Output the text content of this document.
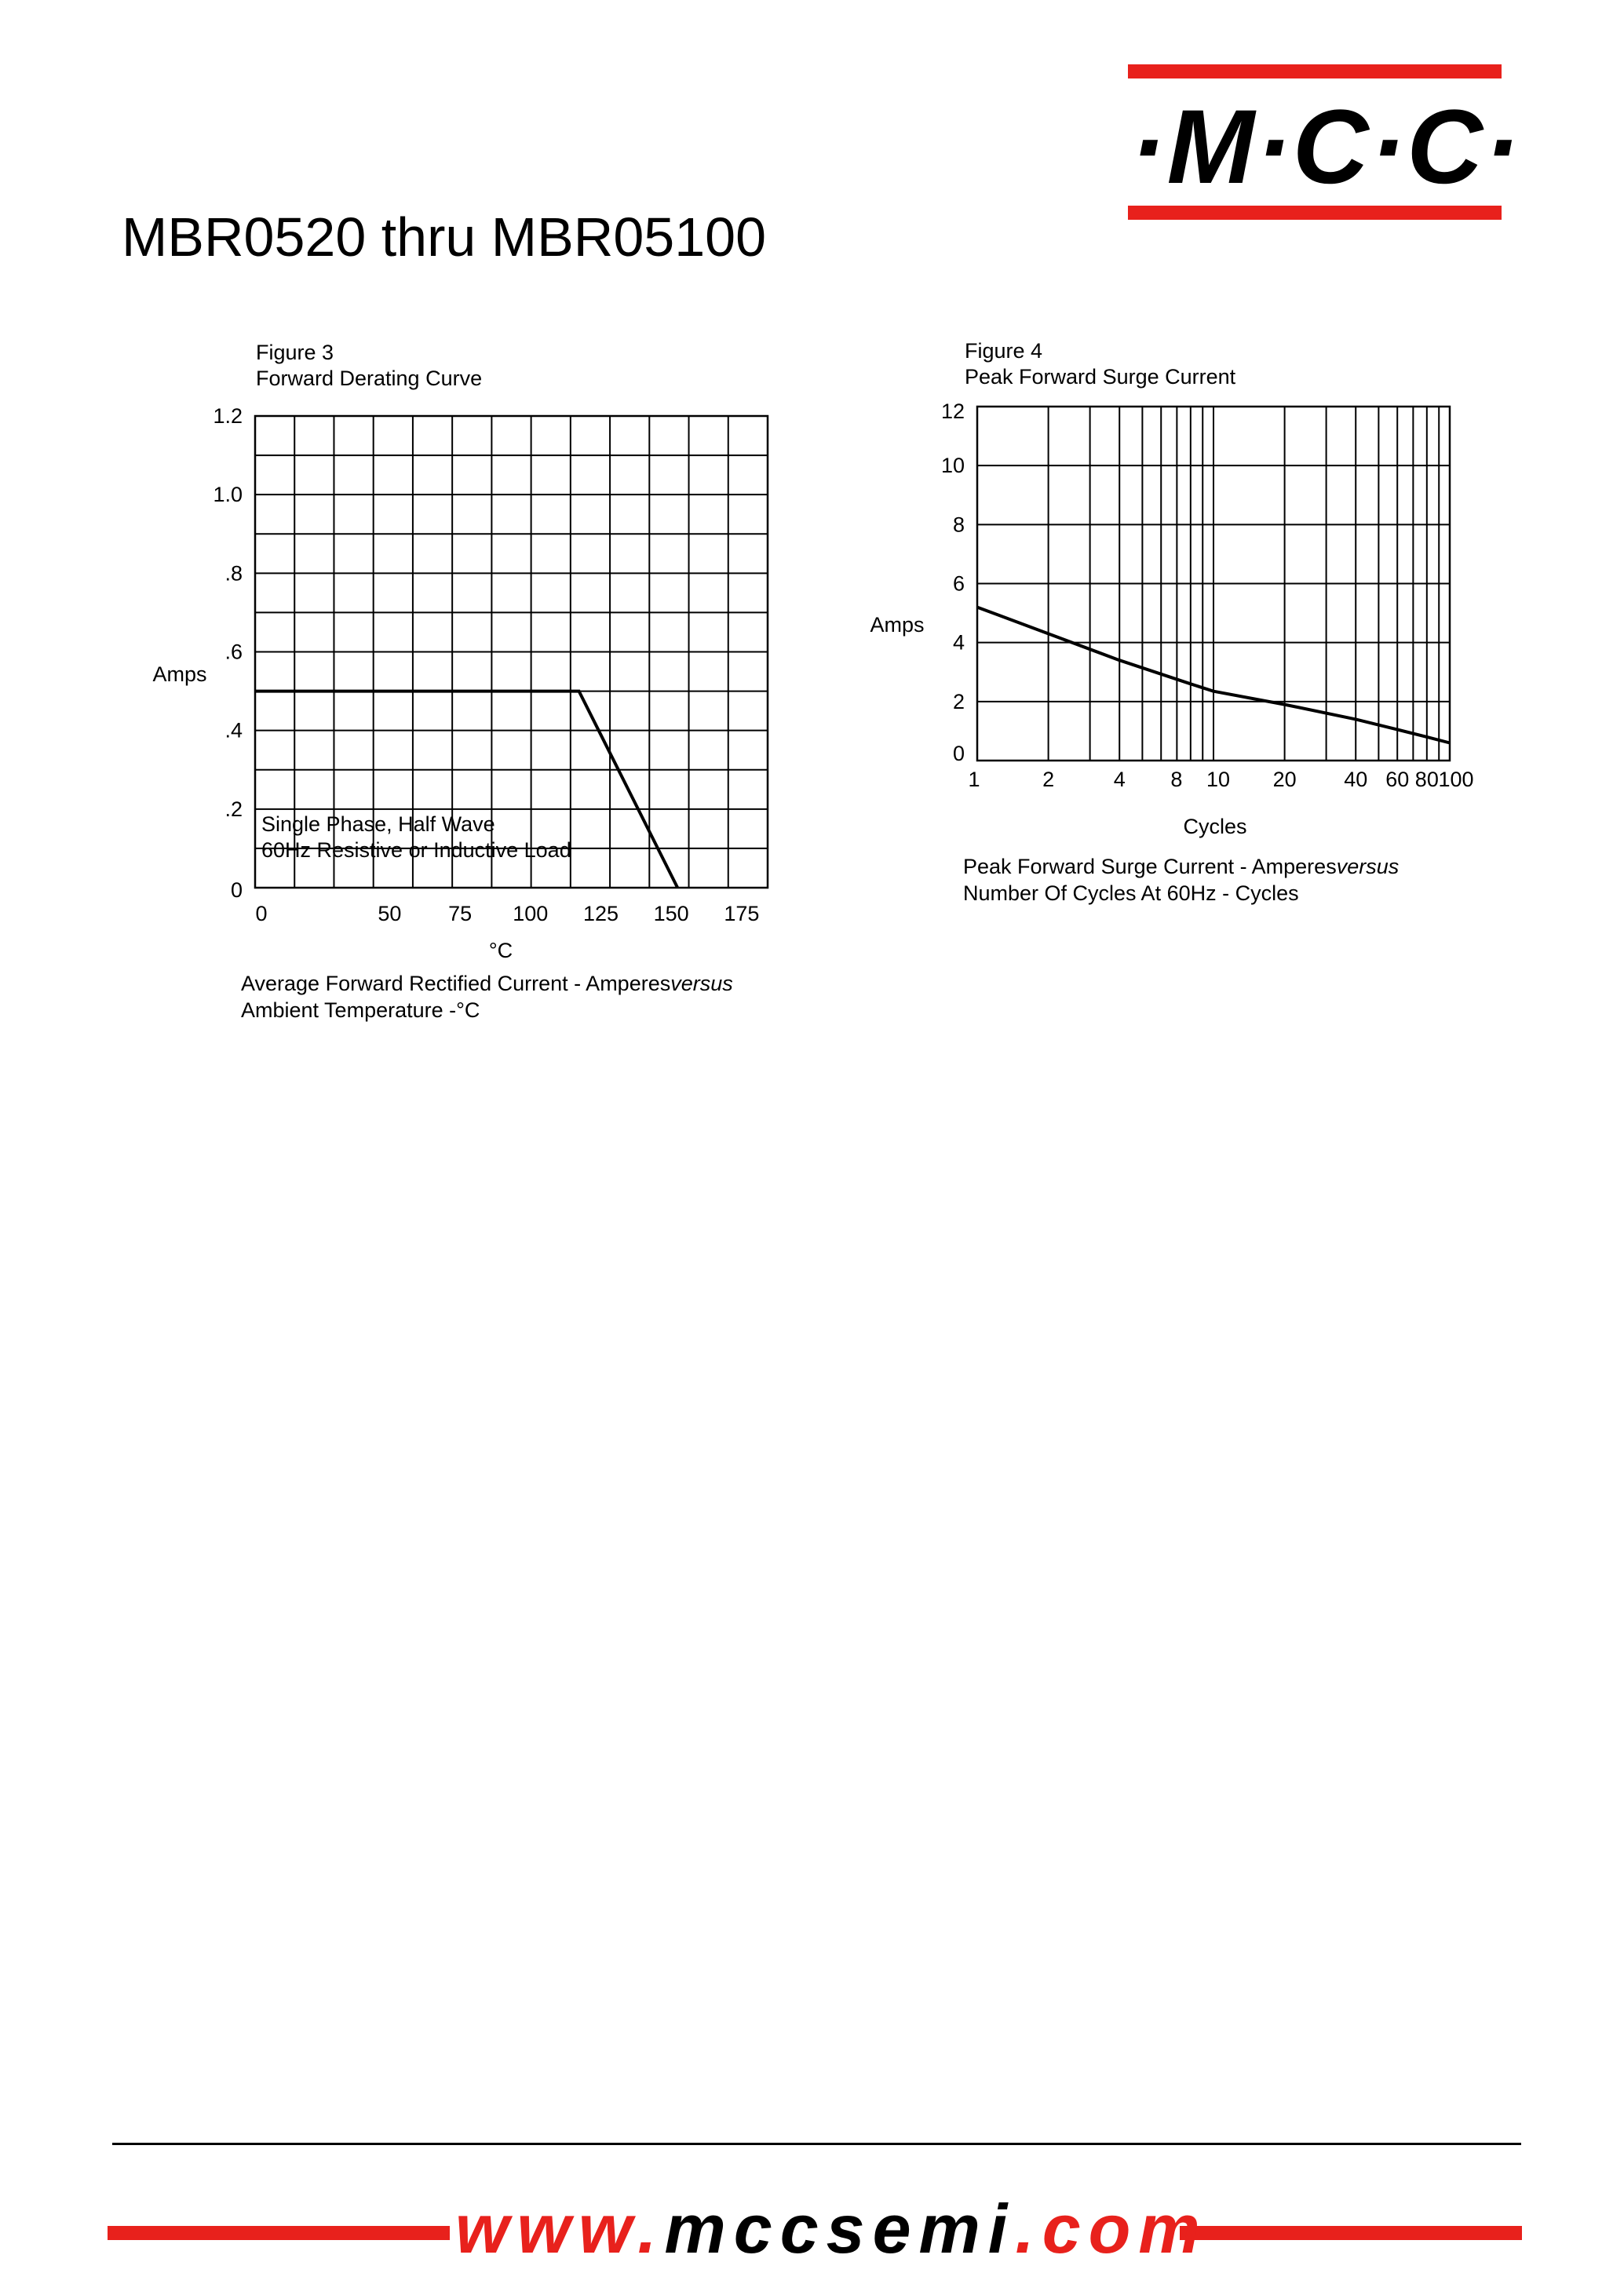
·M·C·C·
MBR0520 thru MBR05100
Figure 3
Forward Derating Curve
Figure 4
Peak Forward Surge Current
0	50 75 100 125 150 175
0
.2
.4
.6
.8
1.0
1.2
Amps
°C
Single Phase, Half Wave
60Hz Resistive or Inductive Load
1	2	4 8 10 20 40 60 80 100
0
2
4
6
8
10
12
Amps
Cycles
Average Forward Rectified Current - Amperesversus
Ambient Temperature -°C
Peak Forward Surge Current - Amperesversus
Number Of Cycles At 60Hz - Cycles
www.mccsemi.com
